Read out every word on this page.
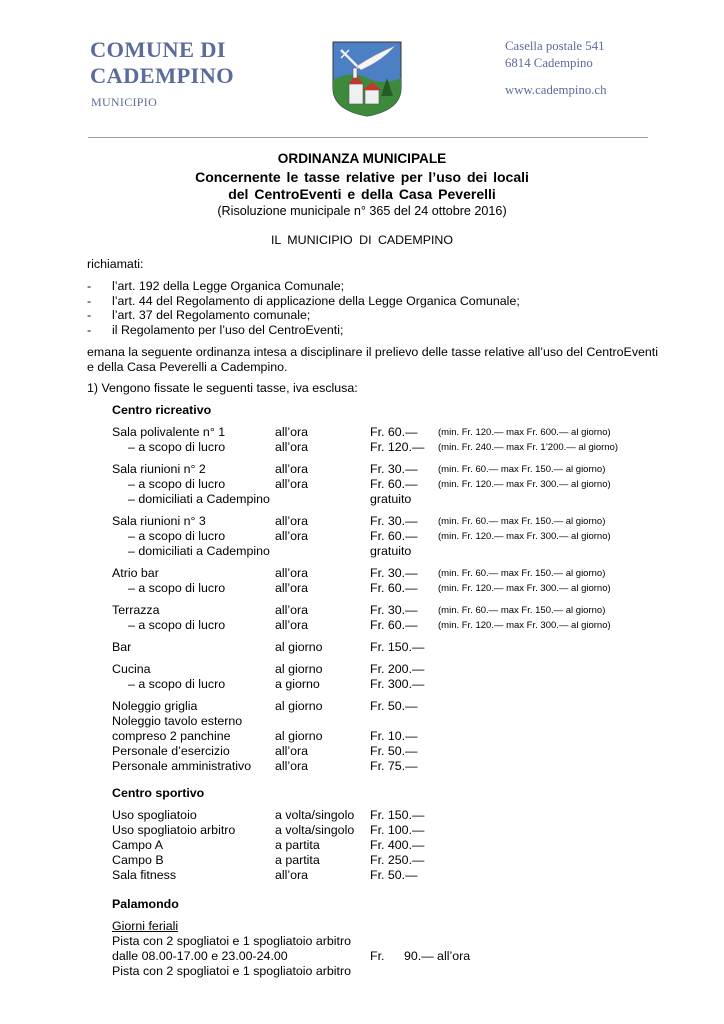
COMUNE DI
CADEMPINO
MUNICIPIO
Casella postale 541
6814 Cadempino
www.cadempino.ch
ORDINANZA MUNICIPALE
Concernente le tasse relative per l’uso dei locali
del CentroEventi e della Casa Peverelli
(Risoluzione municipale n° 365 del 24 ottobre 2016)
IL MUNICIPIO DI CADEMPINO
richiamati:
- l’art. 192 della Legge Organica Comunale;
- l’art. 44 del Regolamento di applicazione della Legge Organica Comunale;
- l’art. 37 del Regolamento comunale;
- il Regolamento per l’uso del CentroEventi;
emana la seguente ordinanza intesa a disciplinare il prelievo delle tasse relative all’uso del CentroEventi
e della Casa Peverelli a Cadempino.
1) Vengono fissate le seguenti tasse, iva esclusa:
Centro ricreativo
Sala polivalente n° 1	all’ora	Fr. 60.— (min. Fr. 120.— max Fr. 600.— al giorno)
– a scopo di lucro	all’ora	Fr. 120.— (min. Fr. 240.— max Fr. 1’200.— al giorno)
Sala riunioni n° 2	all’ora	Fr. 30.— (min. Fr. 60.— max Fr. 150.— al giorno)
– a scopo di lucro	all’ora	Fr. 60.— (min. Fr. 120.— max Fr. 300.— al giorno)
– domiciliati a Cadempino	gratuito
Sala riunioni n° 3	all’ora	Fr. 30.— (min. Fr. 60.— max Fr. 150.— al giorno)
– a scopo di lucro	all’ora	Fr. 60.— (min. Fr. 120.— max Fr. 300.— al giorno)
– domiciliati a Cadempino	gratuito
Atrio bar	all’ora	Fr. 30.— (min. Fr. 60.— max Fr. 150.— al giorno)
– a scopo di lucro	all’ora	Fr. 60.— (min. Fr. 120.— max Fr. 300.— al giorno)
Terrazza	all’ora	Fr. 30.— (min. Fr. 60.— max Fr. 150.— al giorno)
– a scopo di lucro	all’ora	Fr. 60.— (min. Fr. 120.— max Fr. 300.— al giorno)
Bar	al giorno	Fr. 150.—
Cucina	al giorno	Fr. 200.—
– a scopo di lucro	a giorno	Fr. 300.—
Noleggio griglia	al giorno	Fr. 50.—
Noleggio tavolo esterno
compreso 2 panchine	al giorno	Fr. 10.—
Personale d’esercizio	all’ora	Fr. 50.—
Personale amministrativo all’ora	Fr. 75.—
Centro sportivo
Uso spogliatoio	a volta/singolo Fr. 150.—
Uso spogliatoio arbitro	a volta/singolo Fr. 100.—
Campo A	a partita	Fr. 400.—
Campo B	a partita	Fr. 250.—
Sala fitness	all’ora	Fr. 50.—
Palamondo
Giorni feriali
Pista con 2 spogliatoi e 1 spogliatoio arbitro
dalle 08.00-17.00 e 23.00-24.00	Fr. 90.— all’ora
Pista con 2 spogliatoi e 1 spogliatoio arbitro
